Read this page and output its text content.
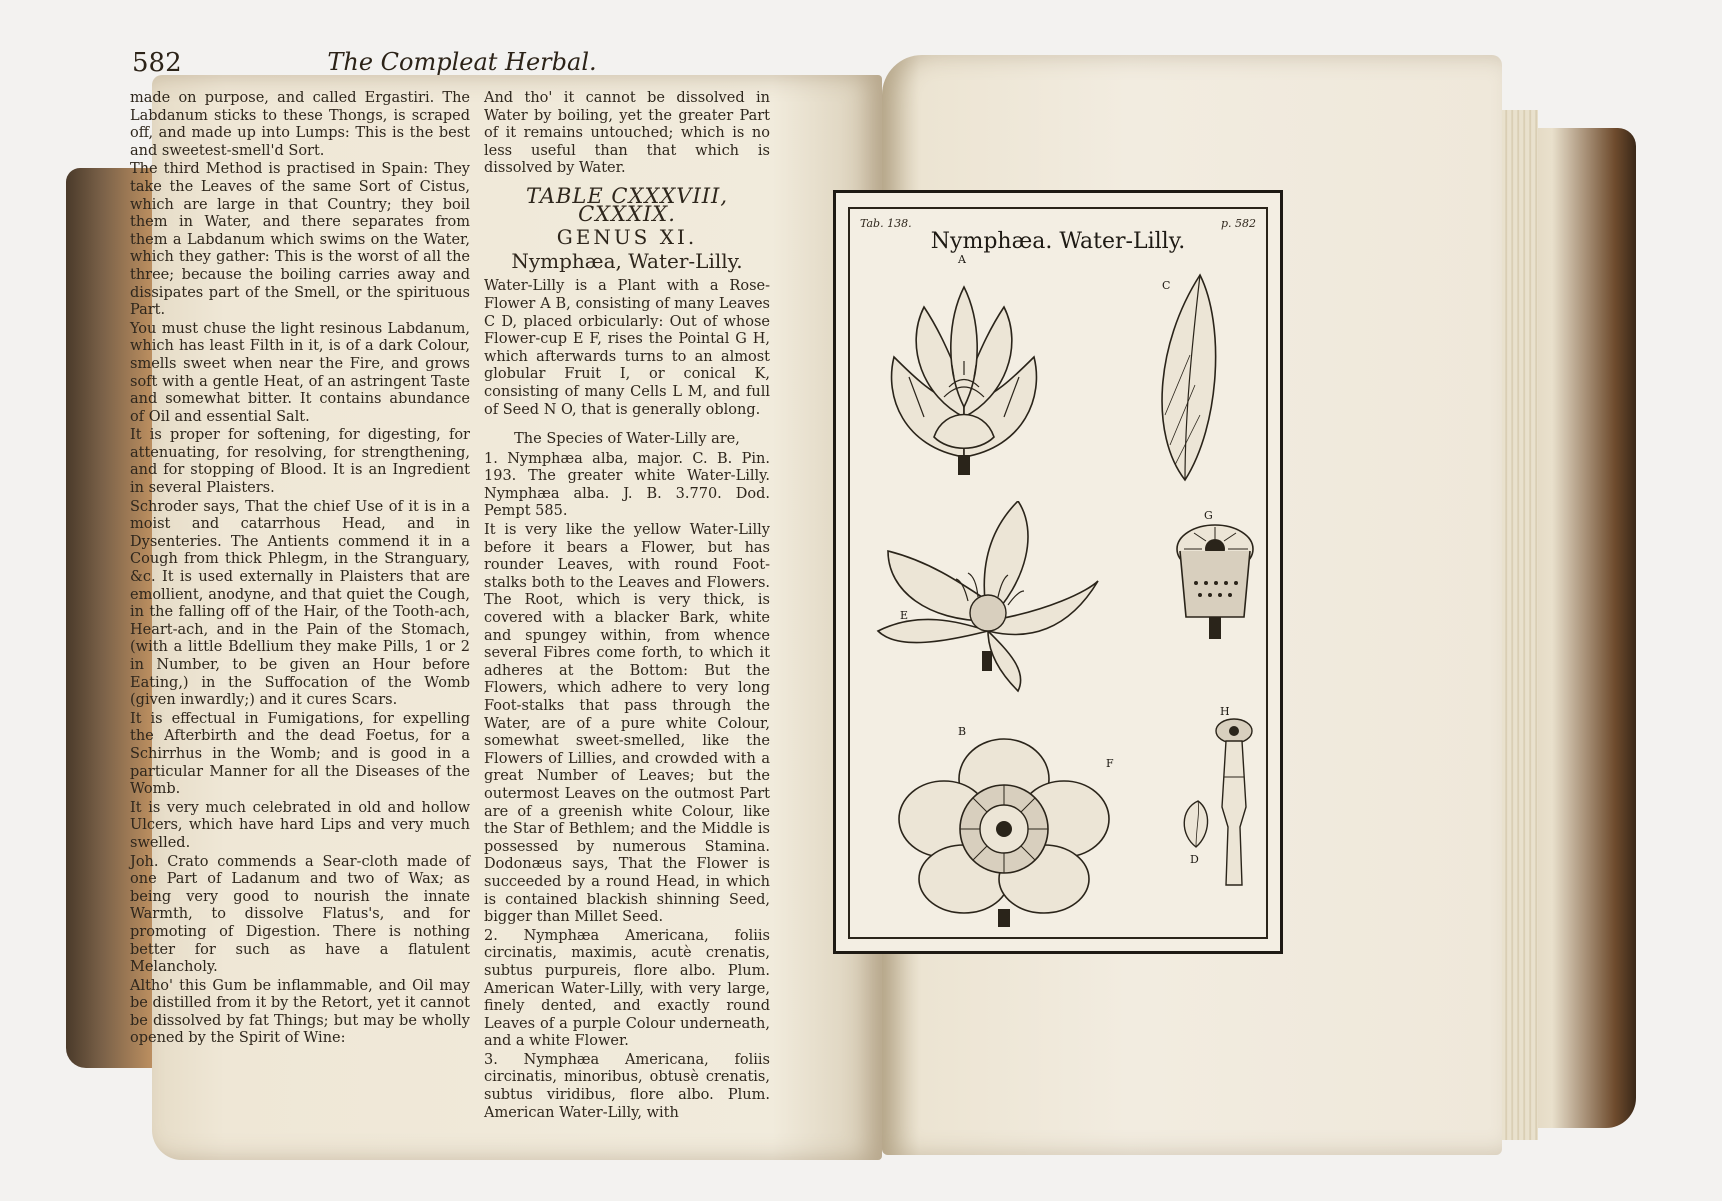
582	The Compleat Herbal.

made on purpose, and called Ergastiri. The Labdanum sticks to these Thongs, is scraped off, and made up into Lumps: This is the best and sweetest-smell'd Sort.

The third Method is practised in Spain: They take the Leaves of the same Sort of Cistus, which are large in that Country; they boil them in Water, and there separates from them a Labdanum which swims on the Water, which they gather: This is the worst of all the three; because the boiling carries away and dissipates part of the Smell, or the spirituous Part.

You must chuse the light resinous Labdanum, which has least Filth in it, is of a dark Colour, smells sweet when near the Fire, and grows soft with a gentle Heat, of an astringent Taste and somewhat bitter. It contains abundance of Oil and essential Salt.

It is proper for softening, for digesting, for attenuating, for resolving, for strengthening, and for stopping of Blood. It is an Ingredient in several Plaisters.

Schroder says, That the chief Use of it is in a moist and catarrhous Head, and in Dysenteries. The Antients commend it in a Cough from thick Phlegm, in the Stranguary, &c. It is used externally in Plaisters that are emollient, anodyne, and that quiet the Cough, in the falling off of the Hair, of the Tooth-ach, Heart-ach, and in the Pain of the Stomach, (with a little Bdellium they make Pills, 1 or 2 in Number, to be given an Hour before Eating,) in the Suffocation of the Womb (given inwardly;) and it cures Scars.

It is effectual in Fumigations, for expelling the Afterbirth and the dead Foetus, for a Schirrhus in the Womb; and is good in a particular Manner for all the Diseases of the Womb.

It is very much celebrated in old and hollow Ulcers, which have hard Lips and very much swelled.

Joh. Crato commends a Sear-cloth made of one Part of Ladanum and two of Wax; as being very good to nourish the innate Warmth, to dissolve Flatus's, and for promoting of Digestion. There is nothing better for such as have a flatulent Melancholy.

Altho' this Gum be inflammable, and Oil may be distilled from it by the Retort, yet it cannot be dissolved by fat Things; but may be wholly opened by the Spirit of Wine:

And tho' it cannot be dissolved in Water by boiling, yet the greater Part of it remains untouched; which is no less useful than that which is dissolved by Water.

TABLE CXXXVIII, CXXXIX.
GENUS XI.
Nymphæa, Water-Lilly.

Water-Lilly is a Plant with a Rose-Flower A B, consisting of many Leaves C D, placed orbicularly: Out of whose Flower-cup E F, rises the Pointal G H, which afterwards turns to an almost globular Fruit I, or conical K, consisting of many Cells L M, and full of Seed N O, that is generally oblong.

The Species of Water-Lilly are,

1. Nymphæa alba, major. C. B. Pin. 193. The greater white Water-Lilly. Nymphæa alba. J. B. 3.770. Dod. Pempt 585.

It is very like the yellow Water-Lilly before it bears a Flower, but has rounder Leaves, with round Foot-stalks both to the Leaves and Flowers. The Root, which is very thick, is covered with a blacker Bark, white and spungey within, from whence several Fibres come forth, to which it adheres at the Bottom: But the Flowers, which adhere to very long Foot-stalks that pass through the Water, are of a pure white Colour, somewhat sweet-smelled, like the Flowers of Lillies, and crowded with a great Number of Leaves; but the outermost Leaves on the outmost Part are of a greenish white Colour, like the Star of Bethlem; and the Middle is possessed by numerous Stamina. Dodonæus says, That the Flower is succeeded by a round Head, in which is contained blackish shinning Seed, bigger than Millet Seed.

2. Nymphæa Americana, foliis circinatis, maximis, acutè crenatis, subtus purpureis, flore albo. Plum. American Water-Lilly, with very large, finely dented, and exactly round Leaves of a purple Colour underneath, and a white Flower.

3. Nymphæa Americana, foliis circinatis, minoribus, obtusè crenatis, subtus viridibus, flore albo. Plum. American Water-Lilly, with

Tab. 138.	p. 582
Nymphæa. Water-Lilly.
A
C
E
G
B
F
H
D
